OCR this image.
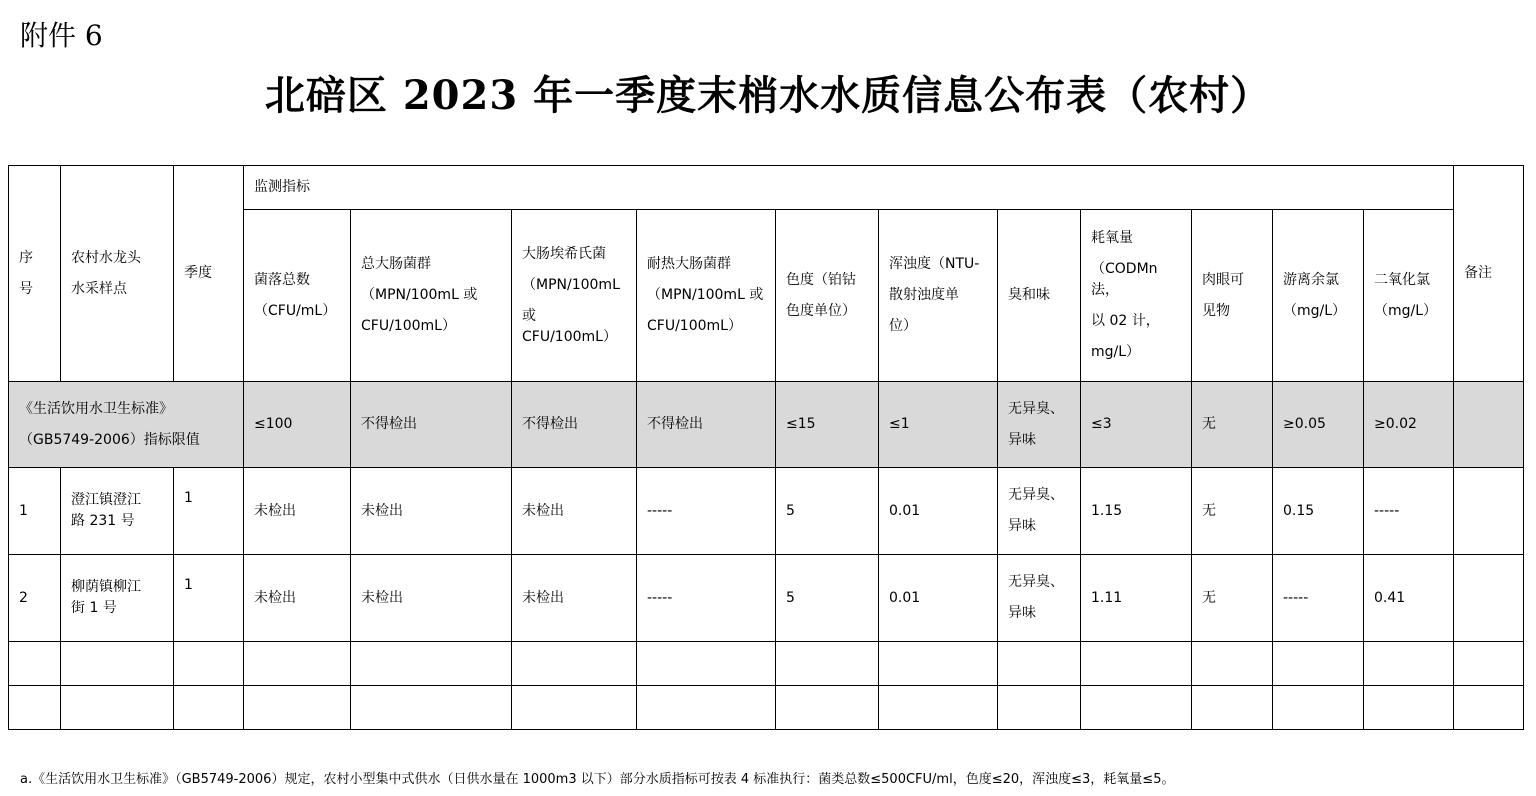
附件 6
北碚区 2023 年一季度末梢水水质信息公布表（农村）
序
号	农村水龙头
水采样点	季度	监测指标											备注

			菌落总数
（CFU/mL）	总大肠菌群
（MPN/100mL 或
CFU/100mL）	大肠埃希氏菌
（MPN/100mL
或 CFU/100mL）	耐热大肠菌群
（MPN/100mL 或
CFU/100mL）	色度（铂钴
色度单位）	浑浊度（NTU-
散射浊度单
位）	臭和味	耗氧量
（CODMn 法，
以 02 计，
mg/L）	肉眼可
见物	游离余氯
（mg/L）	二氧化氯
（mg/L）	

《生活饮用水卫生标准》
（GB5749-2006）指标限值			≤100	不得检出	不得检出	不得检出	≤15	≤1	无异臭、
异味	≤3	无	≥0.05	≥0.02	
1	澄江镇澄江
路 231 号	1	未检出	未检出	未检出	-----	5	0.01	无异臭、
异味	1.15	无	0.15	-----	
2	柳荫镇柳江
街 1 号	1	未检出	未检出	未检出	-----	5	0.01	无异臭、
异味	1.11	无	-----	0.41	

a.《生活饮用水卫生标准》（GB5749-2006）规定，农村小型集中式供水（日供水量在 1000m3 以下）部分水质指标可按表 4 标准执行：菌类总数≤500CFU/ml，色度≤20，浑浊度≤3，耗氧量≤5。
